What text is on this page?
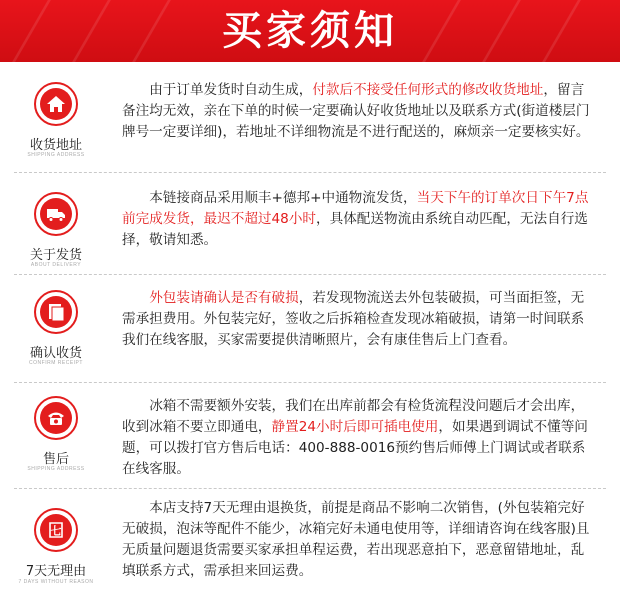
买家须知
收货地址
SHIPPING ADDRESS
由于订单发货时自动生成，付款后不接受任何形式的修改收货地址，留言备注均无效，亲在下单的时候一定要确认好收货地址以及联系方式(街道楼层门牌号一定要详细)，若地址不详细物流是不进行配送的，麻烦亲一定要核实好。
关于发货
ABOUT DELIVERY
本链接商品采用顺丰+德邦+中通物流发货，当天下午的订单次日下午7点前完成发货，最迟不超过48小时，具体配送物流由系统自动匹配，无法自行选择，敬请知悉。
确认收货
CONFIRM RECEIPT
外包装请确认是否有破损，若发现物流送去外包装破损，可当面拒签，无需承担费用。外包装完好，签收之后拆箱检查发现冰箱破损，请第一时间联系我们在线客服，买家需要提供清晰照片，会有康佳售后上门查看。
售后
SHIPPING ADDRESS
冰箱不需要额外安装，我们在出库前都会有检货流程没问题后才会出库，收到冰箱不要立即通电，静置24小时后即可插电使用，如果遇到调试不懂等问题，可以拨打官方售后电话：400-888-0016预约售后师傅上门调试或者联系在线客服。
七
7天无理由
7 DAYS WITHOUT REASON
本店支持7天无理由退换货，前提是商品不影响二次销售，(外包装箱完好无破损，泡沫等配件不能少，冰箱完好未通电使用等，详细请咨询在线客服)且无质量问题退货需要买家承担单程运费，若出现恶意拍下，恶意留错地址，乱填联系方式，需承担来回运费。
